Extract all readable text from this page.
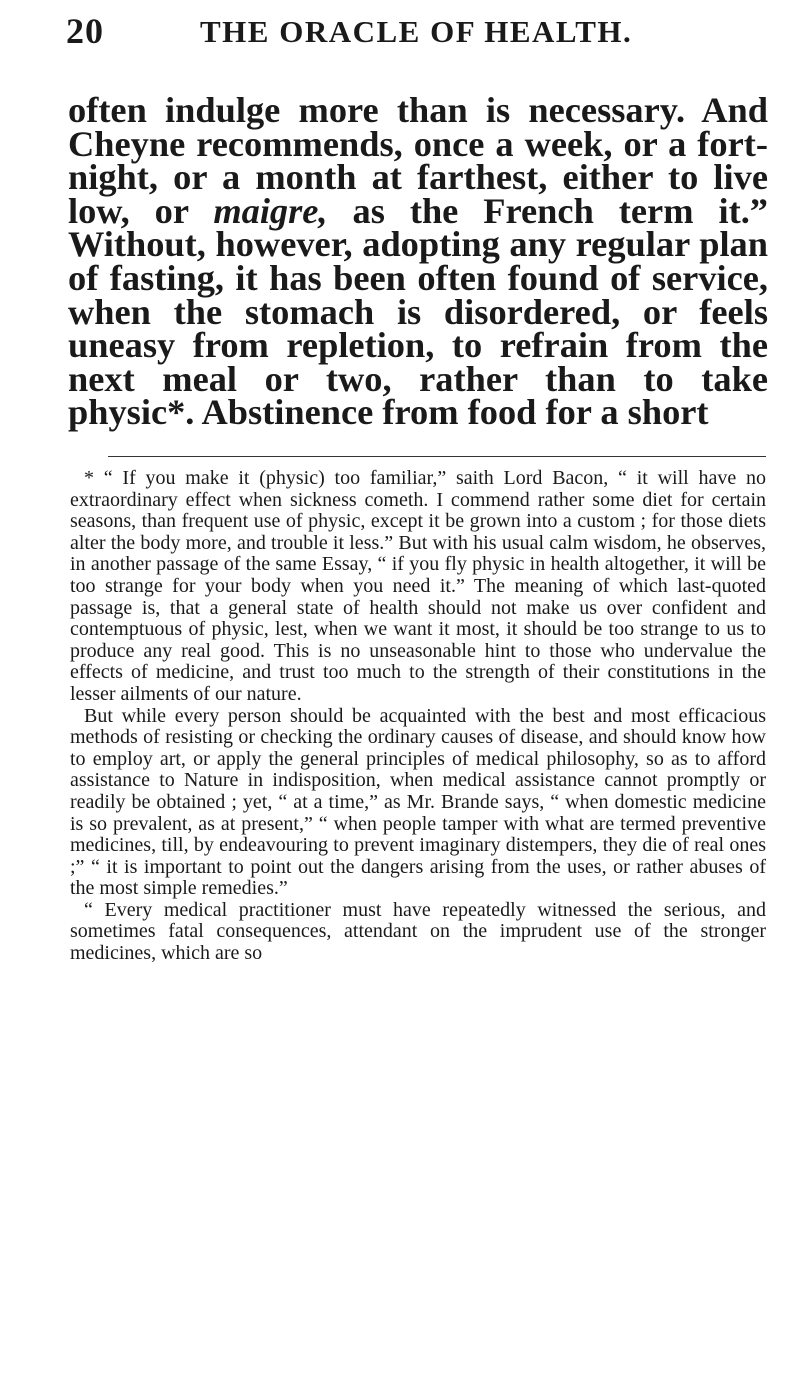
20	THE ORACLE OF HEALTH.

often indulge more than is necessary. And Cheyne recommends, once a week, or a fortnight, or a month at farthest, either to live low, or maigre, as the French term it.” Without, however, adopting any regular plan of fasting, it has been often found of service, when the stomach is disordered, or feels uneasy from repletion, to refrain from the next meal or two, rather than to take physic*. Abstinence from food for a short

* “ If you make it (physic) too familiar,” saith Lord Bacon, “ it will have no extraordinary effect when sickness cometh. I commend rather some diet for certain seasons, than frequent use of physic, except it be grown into a custom ; for those diets alter the body more, and trouble it less.” But with his usual calm wisdom, he observes, in another passage of the same Essay, “ if you fly physic in health altogether, it will be too strange for your body when you need it.” The meaning of which last-quoted passage is, that a general state of health should not make us over confident and contemptuous of physic, lest, when we want it most, it should be too strange to us to produce any real good. This is no unseasonable hint to those who undervalue the effects of medicine, and trust too much to the strength of their constitutions in the lesser ailments of our nature.

But while every person should be acquainted with the best and most efficacious methods of resisting or checking the ordinary causes of disease, and should know how to employ art, or apply the general principles of medical philosophy, so as to afford assistance to Nature in indisposition, when medical assistance cannot promptly or readily be obtained ; yet, “ at a time,” as Mr. Brande says, “ when domestic medicine is so prevalent, as at present,” “ when people tamper with what are termed preventive medicines, till, by endeavouring to prevent imaginary distempers, they die of real ones ;” “ it is important to point out the dangers arising from the uses, or rather abuses of the most simple remedies.”

“ Every medical practitioner must have repeatedly witnessed the serious, and sometimes fatal consequences, attendant on the imprudent use of the stronger medicines, which are so
